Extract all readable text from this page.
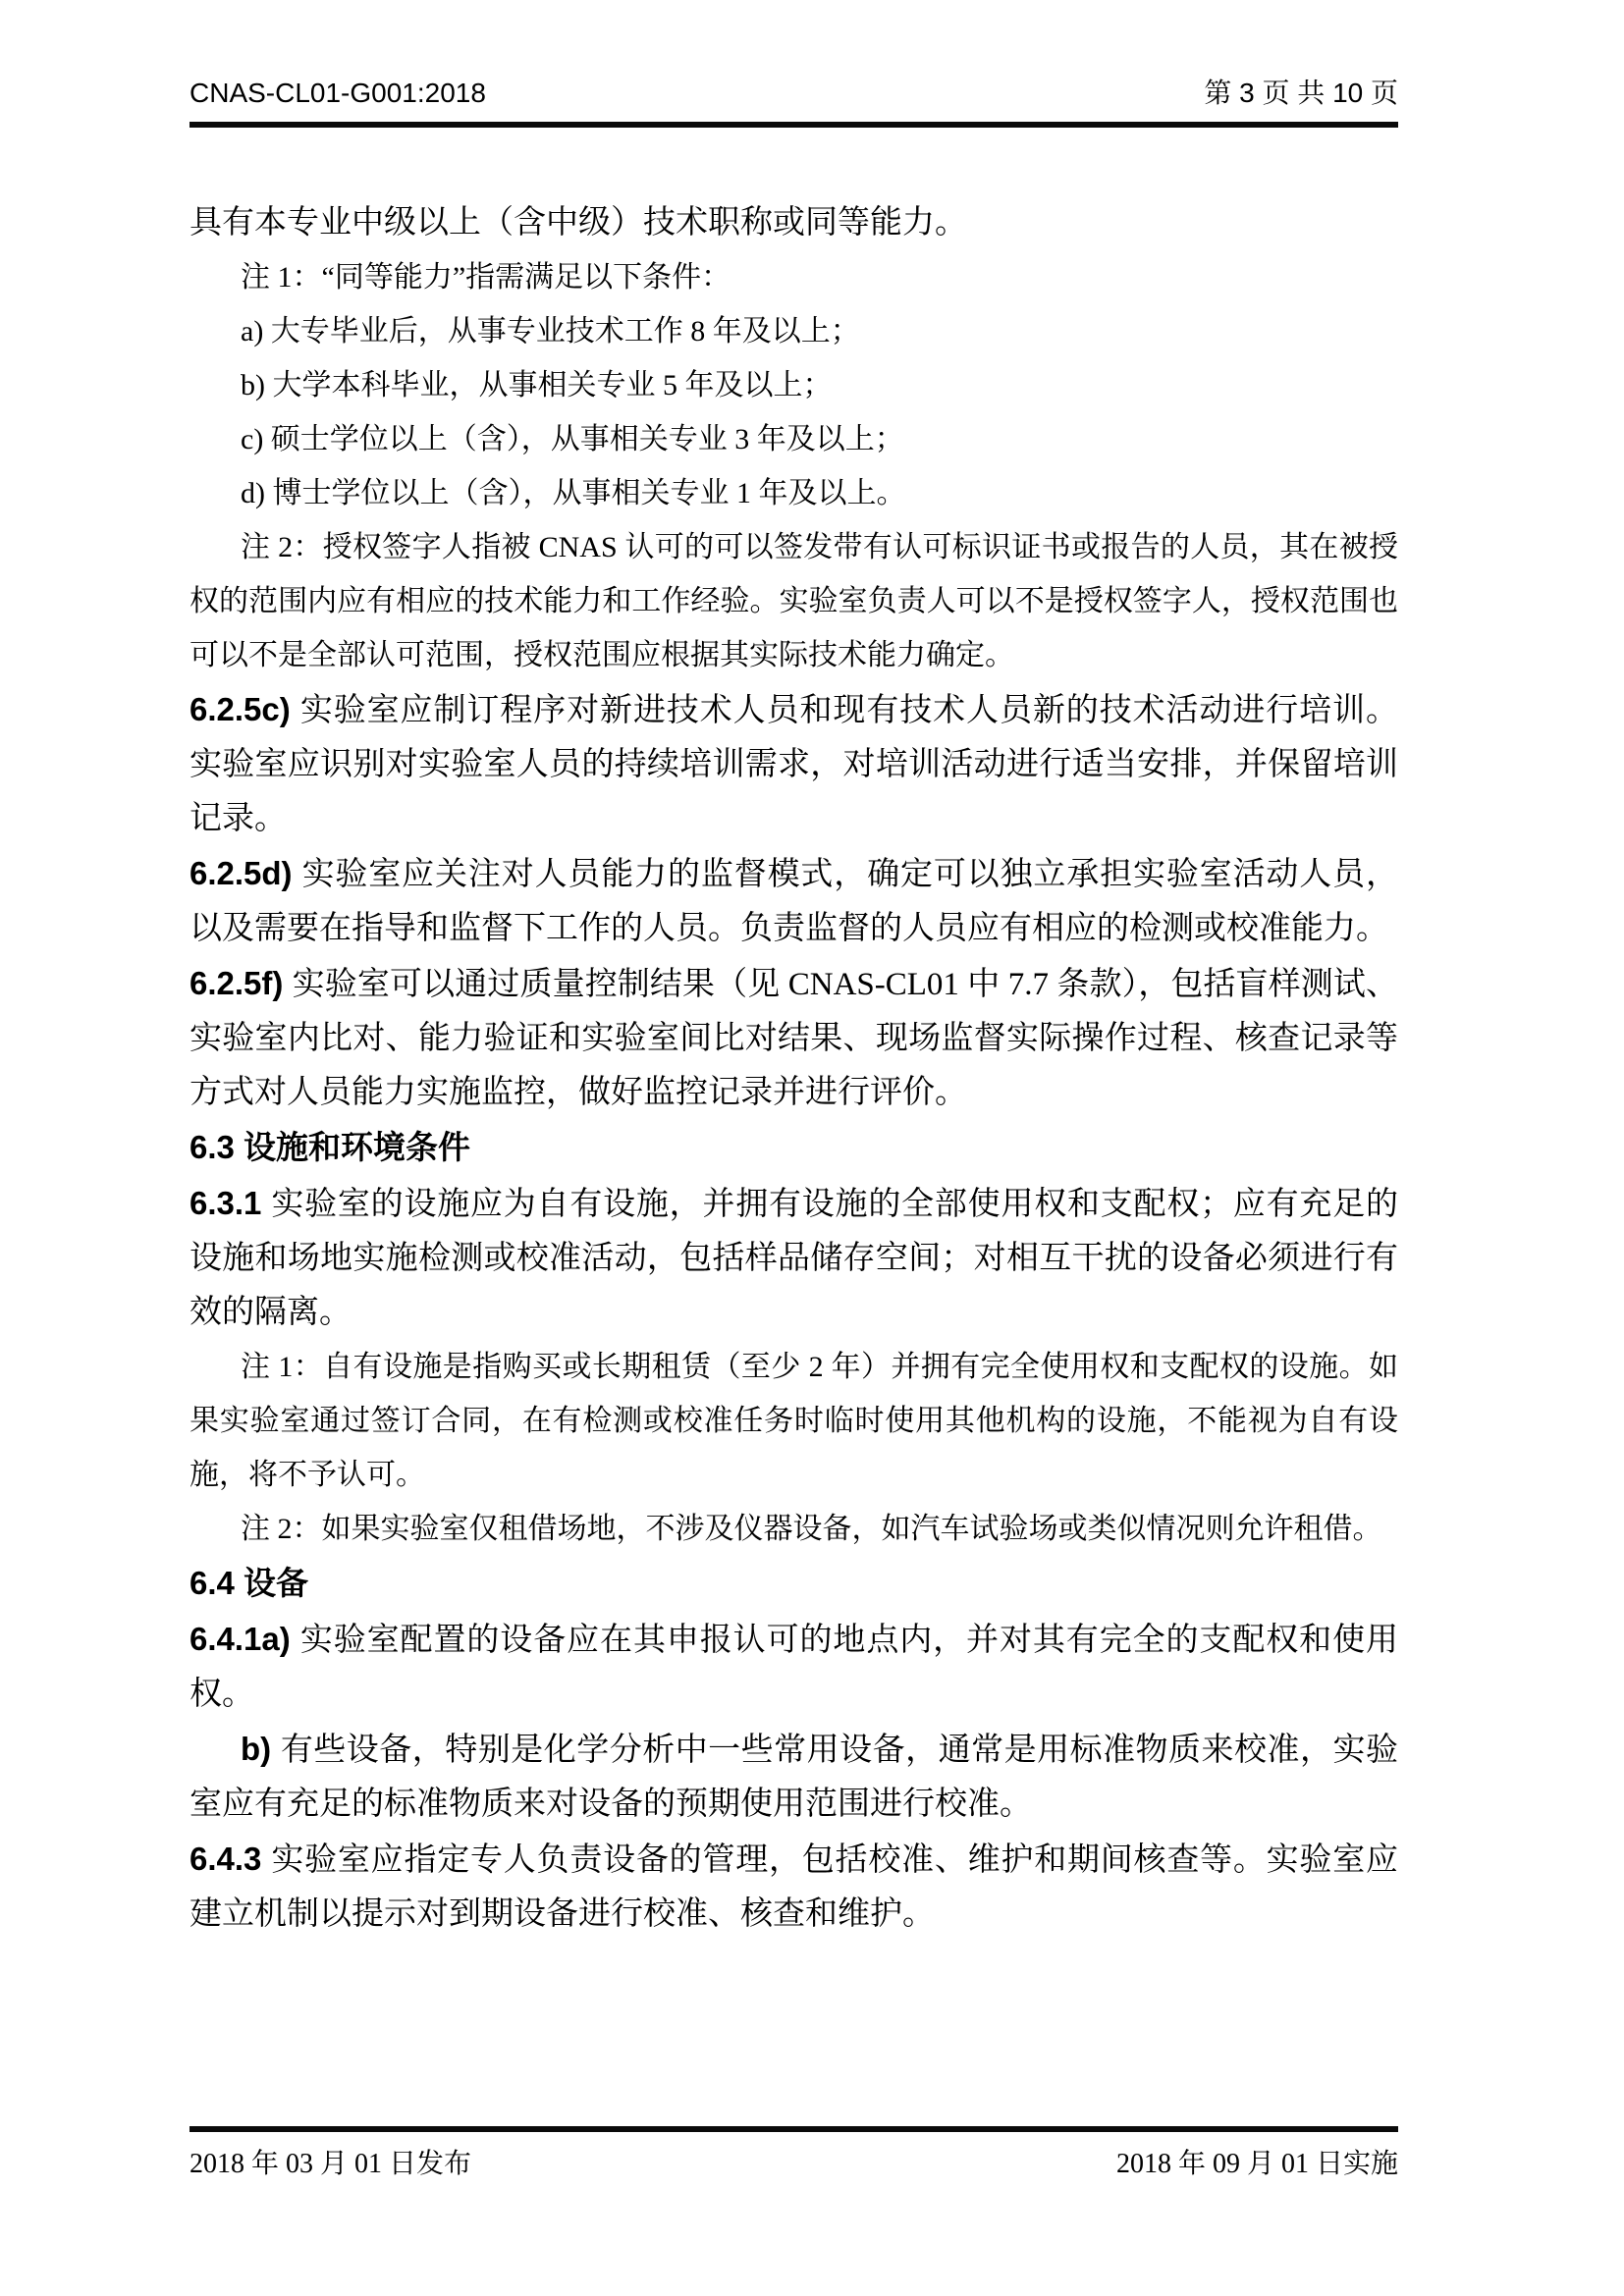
CNAS-CL01-G001:2018	第 3 页 共 10 页

具有本专业中级以上（含中级）技术职称或同等能力。

注 1：“同等能力”指需满足以下条件：

a) 大专毕业后，从事专业技术工作 8 年及以上；

b) 大学本科毕业，从事相关专业 5 年及以上；

c) 硕士学位以上（含），从事相关专业 3 年及以上；

d) 博士学位以上（含），从事相关专业 1 年及以上。

注 2：授权签字人指被 CNAS 认可的可以签发带有认可标识证书或报告的人员，其在被授权的范围内应有相应的技术能力和工作经验。实验室负责人可以不是授权签字人，授权范围也可以不是全部认可范围，授权范围应根据其实际技术能力确定。

6.2.5c) 实验室应制订程序对新进技术人员和现有技术人员新的技术活动进行培训。实验室应识别对实验室人员的持续培训需求，对培训活动进行适当安排，并保留培训记录。

6.2.5d) 实验室应关注对人员能力的监督模式，确定可以独立承担实验室活动人员，以及需要在指导和监督下工作的人员。负责监督的人员应有相应的检测或校准能力。

6.2.5f) 实验室可以通过质量控制结果（见 CNAS-CL01 中 7.7 条款），包括盲样测试、实验室内比对、能力验证和实验室间比对结果、现场监督实际操作过程、核查记录等方式对人员能力实施监控，做好监控记录并进行评价。

6.3 设施和环境条件

6.3.1 实验室的设施应为自有设施，并拥有设施的全部使用权和支配权；应有充足的设施和场地实施检测或校准活动，包括样品储存空间；对相互干扰的设备必须进行有效的隔离。

注 1：自有设施是指购买或长期租赁（至少 2 年）并拥有完全使用权和支配权的设施。如果实验室通过签订合同，在有检测或校准任务时临时使用其他机构的设施，不能视为自有设施，将不予认可。

注 2：如果实验室仅租借场地，不涉及仪器设备，如汽车试验场或类似情况则允许租借。

6.4 设备

6.4.1a) 实验室配置的设备应在其申报认可的地点内，并对其有完全的支配权和使用权。

b) 有些设备，特别是化学分析中一些常用设备，通常是用标准物质来校准，实验室应有充足的标准物质来对设备的预期使用范围进行校准。

6.4.3 实验室应指定专人负责设备的管理，包括校准、维护和期间核查等。实验室应建立机制以提示对到期设备进行校准、核查和维护。

2018 年 03 月 01 日发布	2018 年 09 月 01 日实施
